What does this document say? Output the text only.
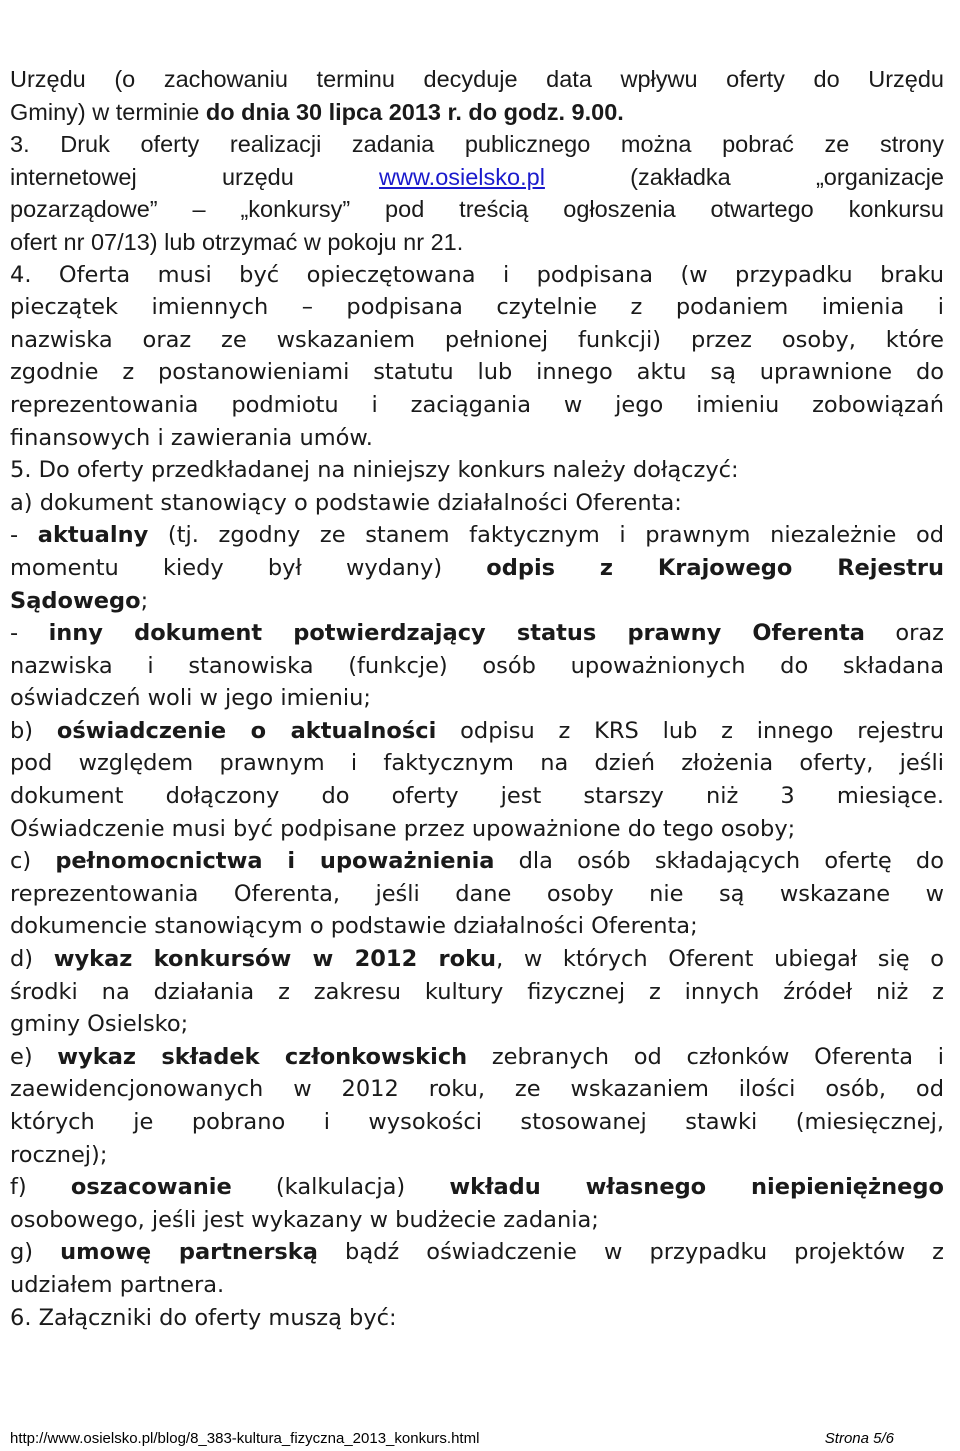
Urzędu (o zachowaniu terminu decyduje data wpływu oferty do Urzędu
Gminy) w terminie do dnia 30 lipca 2013 r. do godz. 9.00.
3. Druk oferty realizacji zadania publicznego można pobrać ze strony
internetowej urzędu www.osielsko.pl (zakładka „organizacje
pozarządowe” – „konkursy” pod treścią ogłoszenia otwartego konkursu
ofert nr 07/13) lub otrzymać w pokoju nr 21.
4. Oferta musi być opieczętowana i podpisana (w przypadku braku
pieczątek imiennych – podpisana czytelnie z podaniem imienia i
nazwiska oraz ze wskazaniem pełnionej funkcji) przez osoby, które
zgodnie z postanowieniami statutu lub innego aktu są uprawnione do
reprezentowania podmiotu i zaciągania w jego imieniu zobowiązań
finansowych i zawierania umów.
5. Do oferty przedkładanej na niniejszy konkurs należy dołączyć:
a) dokument stanowiący o podstawie działalności Oferenta:
- aktualny (tj. zgodny ze stanem faktycznym i prawnym niezależnie od
momentu kiedy był wydany) odpis z Krajowego Rejestru
Sądowego;
- inny dokument potwierdzający status prawny Oferenta oraz
nazwiska i stanowiska (funkcje) osób upoważnionych do składana
oświadczeń woli w jego imieniu;
b) oświadczenie o aktualności odpisu z KRS lub z innego rejestru
pod względem prawnym i faktycznym na dzień złożenia oferty, jeśli
dokument dołączony do oferty jest starszy niż 3 miesiące.
Oświadczenie musi być podpisane przez upoważnione do tego osoby;
c) pełnomocnictwa i upoważnienia dla osób składających ofertę do
reprezentowania Oferenta, jeśli dane osoby nie są wskazane w
dokumencie stanowiącym o podstawie działalności Oferenta;
d) wykaz konkursów w 2012 roku, w których Oferent ubiegał się o
środki na działania z zakresu kultury fizycznej z innych źródeł niż z
gminy Osielsko;
e) wykaz składek członkowskich zebranych od członków Oferenta i
zaewidencjonowanych w 2012 roku, ze wskazaniem ilości osób, od
których je pobrano i wysokości stosowanej stawki (miesięcznej,
rocznej);
f) oszacowanie (kalkulacja) wkładu własnego niepieniężnego
osobowego, jeśli jest wykazany w budżecie zadania;
g) umowę partnerską bądź oświadczenie w przypadku projektów z
udziałem partnera.
6. Załączniki do oferty muszą być:
http://www.osielsko.pl/blog/8_383-kultura_fizyczna_2013_konkurs.html	Strona 5/6
